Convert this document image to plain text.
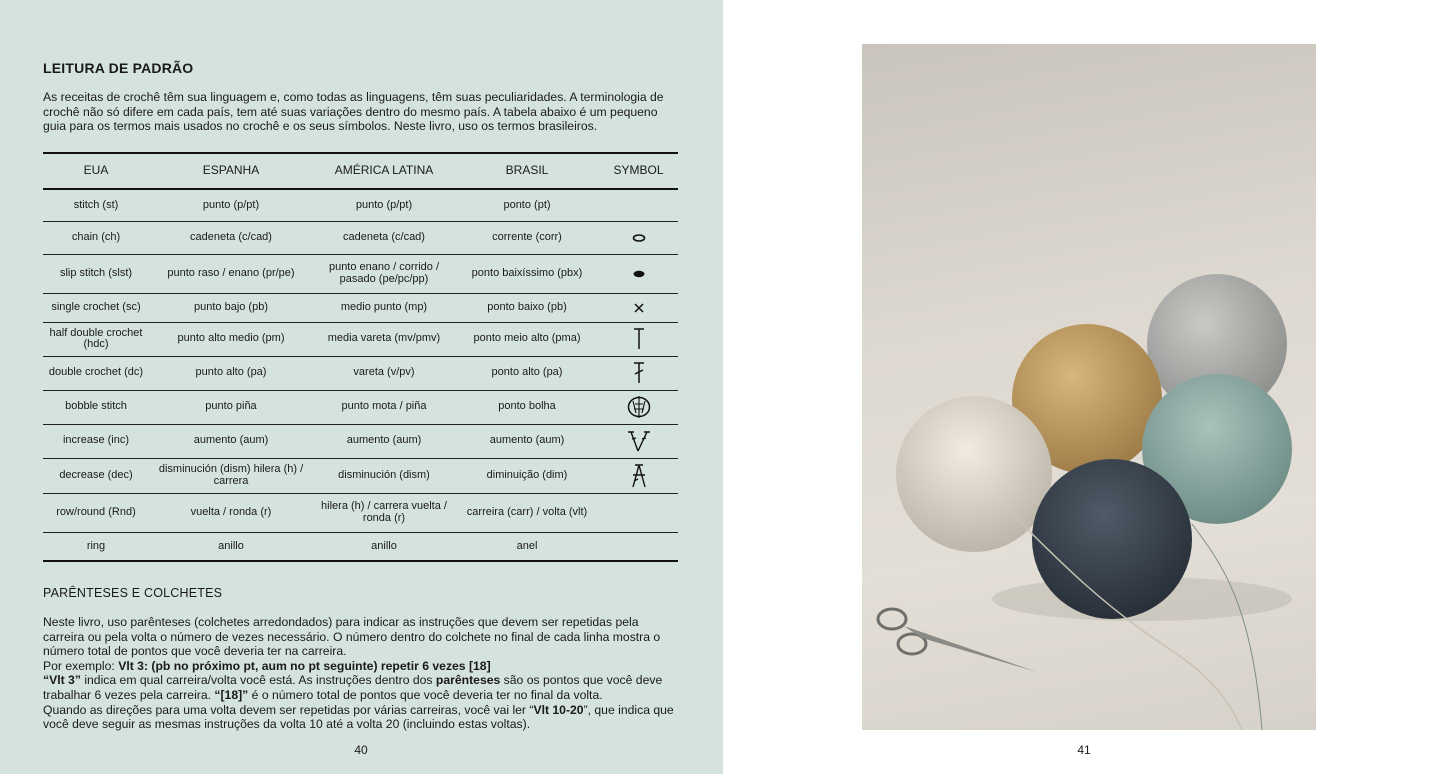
LEITURA DE PADRÃO
As receitas de crochê têm sua linguagem e, como todas as linguagens, têm suas peculiaridades. A terminologia de crochê não só difere em cada país, tem até suas variações dentro do mesmo país. A tabela abaixo é um pequeno guia para os termos mais usados no crochê e os seus símbolos. Neste livro, uso os termos brasileiros.
EUA	ESPANHA	AMÉRICA LATINA	BRASIL	SYMBOL
stitch (st)	punto (p/pt)	punto (p/pt)	ponto (pt)	
chain (ch)	cadeneta (c/cad)	cadeneta (c/cad)	corrente (corr)	

slip stitch (slst)	punto raso / enano (pr/pe)	punto enano / corrido / pasado (pe/pc/pp)	ponto baixíssimo (pbx)	

single crochet (sc)	punto bajo (pb)	medio punto (mp)	ponto baixo (pb)	

half double crochet (hdc)	punto alto medio (pm)	media vareta (mv/pmv)	ponto meio alto (pma)	

double crochet (dc)	punto alto (pa)	vareta (v/pv)	ponto alto (pa)	

bobble stitch	punto piña	punto mota / piña	ponto bolha	

increase (inc)	aumento (aum)	aumento (aum)	aumento (aum)	

decrease (dec)	disminución (dism) hilera (h) / carrera	disminución (dism)	diminuição (dim)	

row/round (Rnd)	vuelta / ronda (r)	hilera (h) / carrera vuelta / ronda (r)	carreira (carr) / volta (vlt)	
ring	anillo	anillo	anel	
PARÊNTESES E COLCHETES

Neste livro, uso parênteses (colchetes arredondados) para indicar as instruções que devem ser repetidas pela carreira ou pela volta o número de vezes necessário. O número dentro do colchete no final de cada linha mostra o número total de pontos que você deveria ter na carreira.

Por exemplo: Vlt 3: (pb no próximo pt, aum no pt seguinte) repetir 6 vezes [18]

“Vlt 3” indica em qual carreira/volta você está. As instruções dentro dos parênteses são os pontos que você deve trabalhar 6 vezes pela carreira. “[18]” é o número total de pontos que você deveria ter no final da volta.

Quando as direções para uma volta devem ser repetidas por várias carreiras, você vai ler “Vlt 10-20”, que indica que você deve seguir as mesmas instruções da volta 10 até a volta 20 (incluindo estas voltas).

40	41
